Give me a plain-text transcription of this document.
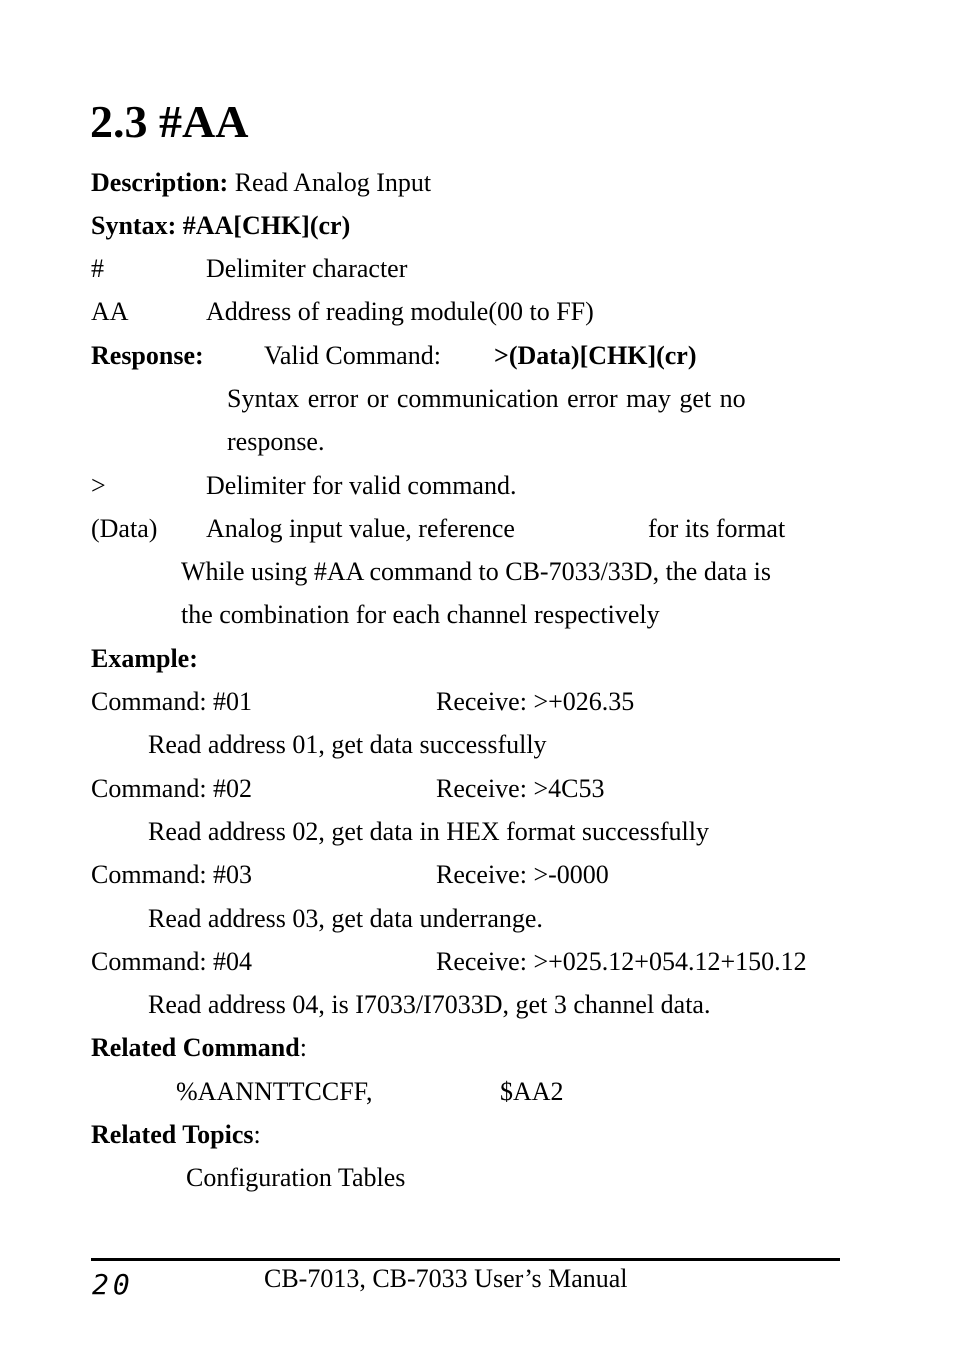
2.3 #AA
Description: Read Analog Input
Syntax: #AA[CHK](cr)
#	Delimiter character
AA	Address of reading module(00 to FF)
Response: Valid Command: >(Data)[CHK](cr)
Syntax error or communication error may get no
response.
>	Delimiter for valid command.
(Data) Analog input value, reference	for its format
While using #AA command to CB-7033/33D, the data is
the combination for each channel respectively
Example:
Command: #01	Receive: >+026.35
Read address 01, get data successfully
Command: #02	Receive: >4C53
Read address 02, get data in HEX format successfully
Command: #03	Receive: >-0000
Read address 03, get data underrange.
Command: #04	Receive: >+025.12+054.12+150.12
Read address 04, is I7033/I7033D, get 3 channel data.
Related Command:
%AANNTTCCFF,	$AA2
Related Topics:
Configuration Tables
20	CB-7013, CB-7033 User’s Manual
